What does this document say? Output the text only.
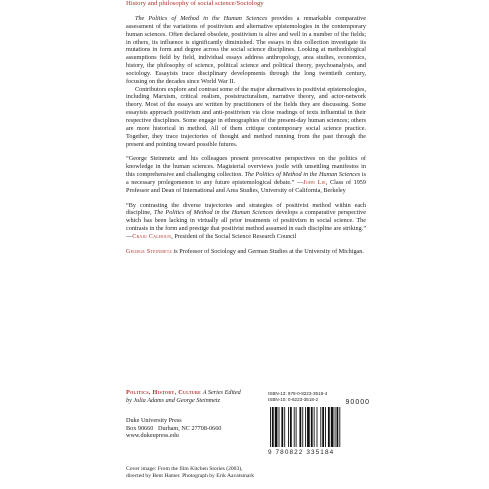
History and philosophy of social science/Sociology

The Politics of Method in the Human Sciences provides a remarkable comparative assessment of the variations of positivism and alternative epistemologies in the contemporary human sciences. Often declared obsolete, positivism is alive and well in a number of the fields; in others, its influence is significantly diminished. The essays in this collection investigate its mutations in form and degree across the social science disciplines. Looking at methodological assumptions field by field, individual essays address anthropology, area studies, economics, history, the philosophy of science, political science and political theory, psychoanalysis, and sociology. Essayists trace disciplinary developments through the long twentieth century, focusing on the decades since World War II.

Contributors explore and contrast some of the major alternatives to positivist epistemologies, including Marxism, critical realism, poststructuralism, narrative theory, and actor-network theory. Most of the essays are written by practitioners of the fields they are discussing. Some essayists approach positivism and anti-positivism via close readings of texts influential in their respective disciplines. Some engage in ethnographies of the present-day human sciences; others are more historical in method. All of them critique contemporary social science practice. Together, they trace trajectories of thought and method running from the past through the present and pointing toward possible futures.

“George Steinmetz and his colleagues present provocative perspectives on the politics of knowledge in the human sciences. Magisterial overviews jostle with unsettling manifestos in this comprehensive and challenging collection. The Politics of Method in the Human Sciences is a necessary prolegomenon to any future epistemological debate.” —John Lie, Class of 1959 Professor and Dean of International and Area Studies, University of California, Berkeley

“By contrasting the diverse trajectories and strategies of positivist method within each discipline, The Politics of Method in the Human Sciences develops a comparative perspective which has been lacking in virtually all prior treatments of positivism in social science. The contrasts in the form and prestige that positivist method assumed in each discipline are striking.” —Craig Calhoun, President of the Social Science Research Council

George Steinmetz is Professor of Sociology and German Studies at the University of Michigan.

Politics, History, Culture A Series Edited
by Julia Adams and George Steinmetz
Duke University Press
Box 90660   Durham, NC 27708-0660
www.dukeupress.edu
ISBN-13: 978-0-8223-3518-4
ISBN-10: 0-8223-3518-2	90000
9 780822 335184
Cover image: From the film Kitchen Stories (2003),
directed by Bent Hamer. Photograph by Erik Aavatsmark
